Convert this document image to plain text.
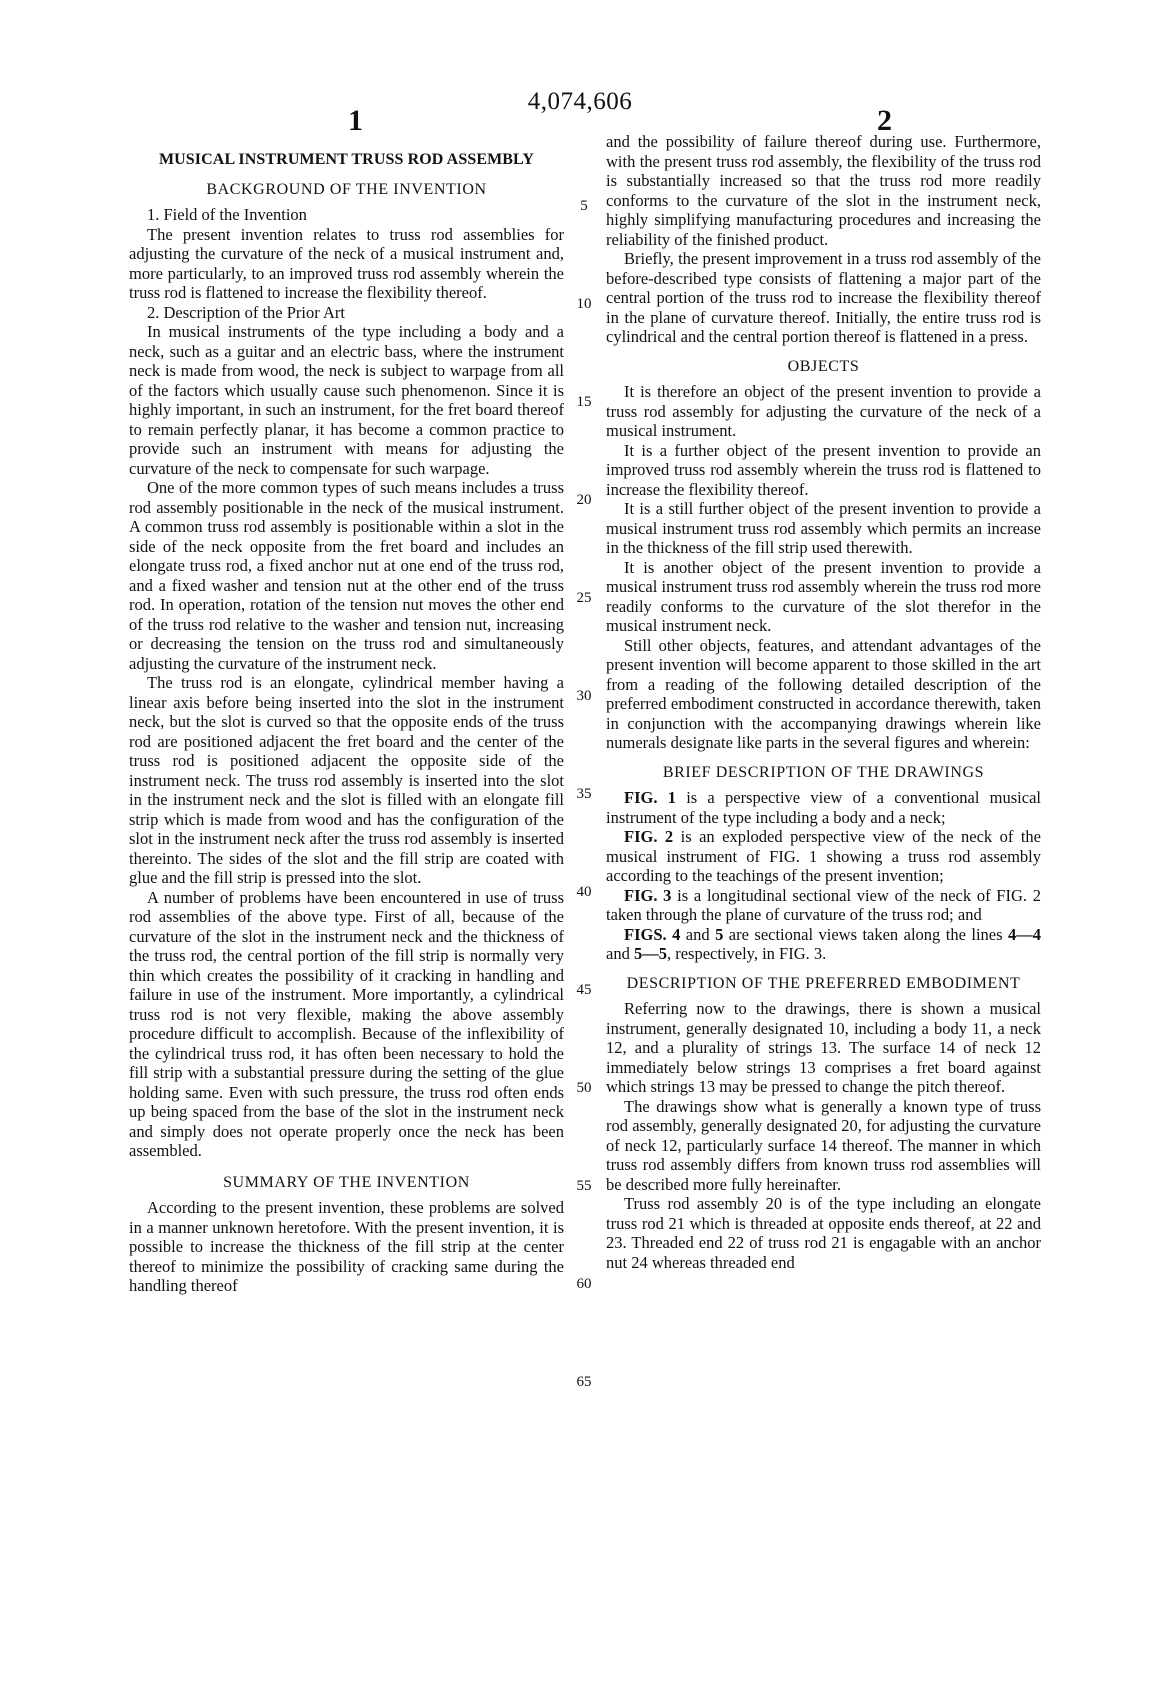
4,074,606
1	2
MUSICAL INSTRUMENT TRUSS ROD ASSEMBLY
BACKGROUND OF THE INVENTION

1. Field of the Invention

The present invention relates to truss rod assemblies for adjusting the curvature of the neck of a musical instrument and, more particularly, to an improved truss rod assembly wherein the truss rod is flattened to increase the flexibility thereof.

2. Description of the Prior Art

In musical instruments of the type including a body and a neck, such as a guitar and an electric bass, where the instrument neck is made from wood, the neck is subject to warpage from all of the factors which usually cause such phenomenon. Since it is highly important, in such an instrument, for the fret board thereof to remain perfectly planar, it has become a common practice to provide such an instrument with means for adjusting the curvature of the neck to compensate for such warpage.

One of the more common types of such means includes a truss rod assembly positionable in the neck of the musical instrument. A common truss rod assembly is positionable within a slot in the side of the neck opposite from the fret board and includes an elongate truss rod, a fixed anchor nut at one end of the truss rod, and a fixed washer and tension nut at the other end of the truss rod. In operation, rotation of the tension nut moves the other end of the truss rod relative to the washer and tension nut, increasing or decreasing the tension on the truss rod and simultaneously adjusting the curvature of the instrument neck.

The truss rod is an elongate, cylindrical member having a linear axis before being inserted into the slot in the instrument neck, but the slot is curved so that the opposite ends of the truss rod are positioned adjacent the fret board and the center of the truss rod is positioned adjacent the opposite side of the instrument neck. The truss rod assembly is inserted into the slot in the instrument neck and the slot is filled with an elongate fill strip which is made from wood and has the configuration of the slot in the instrument neck after the truss rod assembly is inserted thereinto. The sides of the slot and the fill strip are coated with glue and the fill strip is pressed into the slot.

A number of problems have been encountered in use of truss rod assemblies of the above type. First of all, because of the curvature of the slot in the instrument neck and the thickness of the truss rod, the central portion of the fill strip is normally very thin which creates the possibility of it cracking in handling and failure in use of the instrument. More importantly, a cylindrical truss rod is not very flexible, making the above assembly procedure difficult to accomplish. Because of the inflexibility of the cylindrical truss rod, it has often been necessary to hold the fill strip with a substantial pressure during the setting of the glue holding same. Even with such pressure, the truss rod often ends up being spaced from the base of the slot in the instrument neck and simply does not operate properly once the neck has been assembled.

SUMMARY OF THE INVENTION

According to the present invention, these problems are solved in a manner unknown heretofore. With the present invention, it is possible to increase the thickness of the fill strip at the center thereof to minimize the possibility of cracking same during the handling thereof

5
10
15
20
25
30
35
40
45
50
55
60
65

and the possibility of failure thereof during use. Furthermore, with the present truss rod assembly, the flexibility of the truss rod is substantially increased so that the truss rod more readily conforms to the curvature of the slot in the instrument neck, highly simplifying manufacturing procedures and increasing the reliability of the finished product.

Briefly, the present improvement in a truss rod assembly of the before-described type consists of flattening a major part of the central portion of the truss rod to increase the flexibility thereof in the plane of curvature thereof. Initially, the entire truss rod is cylindrical and the central portion thereof is flattened in a press.

OBJECTS

It is therefore an object of the present invention to provide a truss rod assembly for adjusting the curvature of the neck of a musical instrument.

It is a further object of the present invention to provide an improved truss rod assembly wherein the truss rod is flattened to increase the flexibility thereof.

It is a still further object of the present invention to provide a musical instrument truss rod assembly which permits an increase in the thickness of the fill strip used therewith.

It is another object of the present invention to provide a musical instrument truss rod assembly wherein the truss rod more readily conforms to the curvature of the slot therefor in the musical instrument neck.

Still other objects, features, and attendant advantages of the present invention will become apparent to those skilled in the art from a reading of the following detailed description of the preferred embodiment constructed in accordance therewith, taken in conjunction with the accompanying drawings wherein like numerals designate like parts in the several figures and wherein:

BRIEF DESCRIPTION OF THE DRAWINGS

FIG. 1 is a perspective view of a conventional musical instrument of the type including a body and a neck;

FIG. 2 is an exploded perspective view of the neck of the musical instrument of FIG. 1 showing a truss rod assembly according to the teachings of the present invention;

FIG. 3 is a longitudinal sectional view of the neck of FIG. 2 taken through the plane of curvature of the truss rod; and

FIGS. 4 and 5 are sectional views taken along the lines 4—4 and 5—5, respectively, in FIG. 3.

DESCRIPTION OF THE PREFERRED EMBODIMENT

Referring now to the drawings, there is shown a musical instrument, generally designated 10, including a body 11, a neck 12, and a plurality of strings 13. The surface 14 of neck 12 immediately below strings 13 comprises a fret board against which strings 13 may be pressed to change the pitch thereof.

The drawings show what is generally a known type of truss rod assembly, generally designated 20, for adjusting the curvature of neck 12, particularly surface 14 thereof. The manner in which truss rod assembly differs from known truss rod assemblies will be described more fully hereinafter.

Truss rod assembly 20 is of the type including an elongate truss rod 21 which is threaded at opposite ends thereof, at 22 and 23. Threaded end 22 of truss rod 21 is engagable with an anchor nut 24 whereas threaded end
